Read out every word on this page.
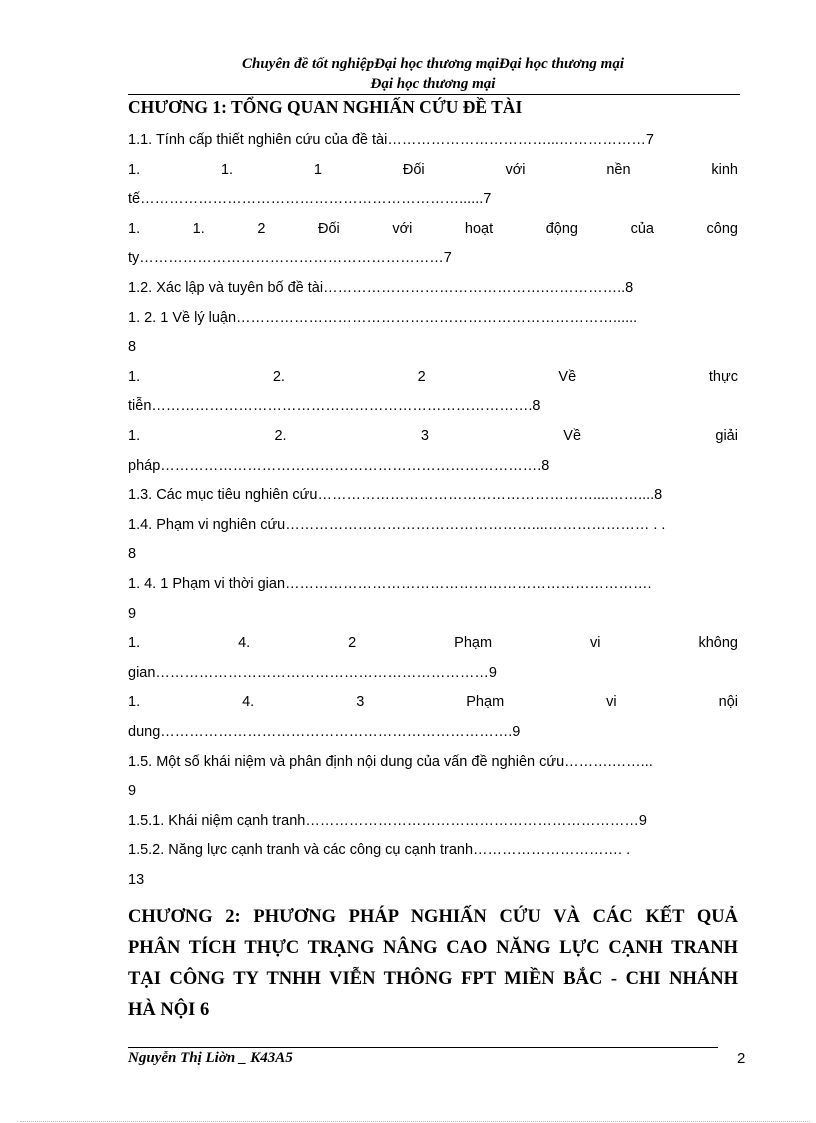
Chuyên đề tốt nghiệpĐại học thương mạiĐại học thương mại
Đại học thương mại
CHƯƠNG 1: TỔNG QUAN NGHIẤN CỨU ĐỀ TÀI
1.1. Tính cấp thiết nghiên cứu của đề tài……………………………...………………7
1.	1.	1	Đối	với	nền	kinh
tế…………………………………………………………......7
1.	1.	2	Đối	với	hoạt	động	của	công
ty………………………………………………………7
1.2. Xác lập và tuyên bố đề tài……………………………………….……………..8
1. 2. 1 Về lý luận……………………………………………………………………......
8
1.	2.	2	Về	thực
tiễn…………………………………………………………………….8
1.	2.	3	Về	giải
pháp…………………………………………………………………….8
1.3. Các mục tiêu nghiên cứu…………………………………………………....……....8
1.4. Phạm vi nghiên cứu……………………………………………....………………… . .
8
1. 4. 1 Phạm vi thời gian………………………………………………………………….
9
1.	4.	2	Phạm	vi	không
gian……………………………………………………………9
1.	4.	3	Phạm	vi	nội
dung……………………………………………………………….9
1.5. Một số khái niệm và phân định nội dung của vấn đề nghiên cứu……….……...
9
1.5.1. Khái niệm cạnh tranh……………………………………………………………9
1.5.2. Năng lực cạnh tranh và các công cụ cạnh tranh…………………………. .
13
CHƯƠNG 2: PHƯƠNG PHÁP NGHIẤN CỨU VÀ CÁC KẾT QUẢ
PHÂN TÍCH THỰC TRẠNG NÂNG CAO NĂNG LỰC CẠNH TRANH
TẠI CÔNG TY TNHH VIỄN THÔNG FPT MIỀN BẮC - CHI NHÁNH
HÀ NỘI 6
Nguyễn Thị Liờn _ K43A5	2
